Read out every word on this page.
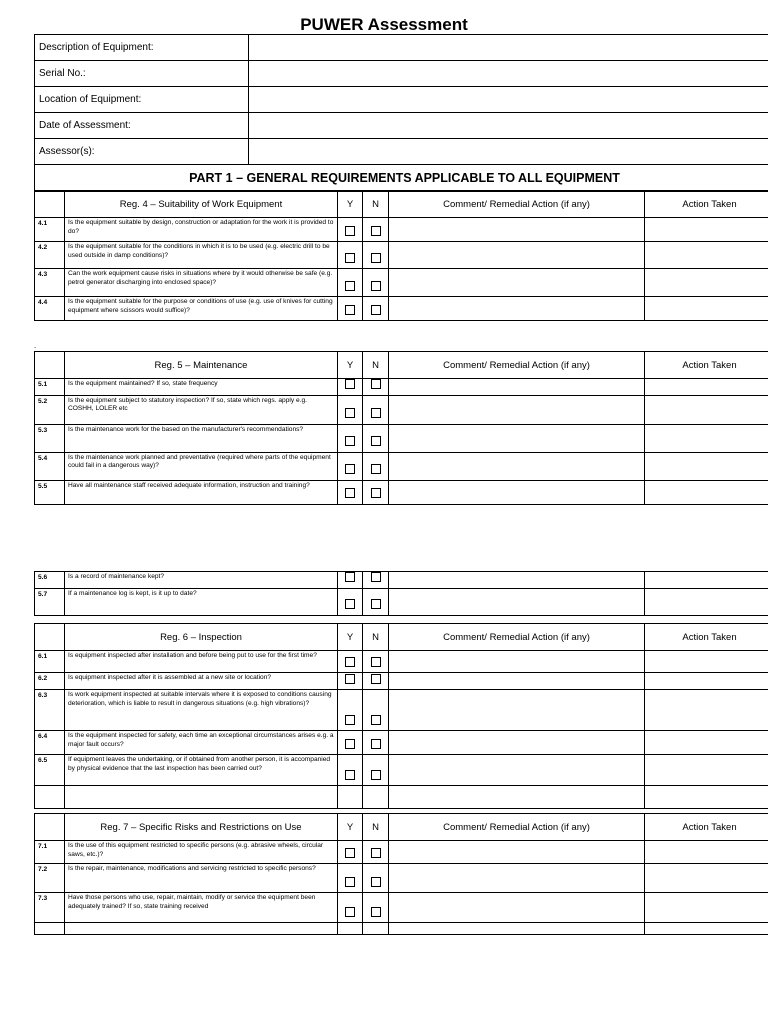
PUWER Assessment
Description of Equipment:	
Serial No.:	
Location of Equipment:	
Date of Assessment:	
Assessor(s):	
PART 1 – GENERAL REQUIREMENTS APPLICABLE TO ALL EQUIPMENT	
	Reg. 4 – Suitability of Work Equipment	Y	N	Comment/ Remedial Action (if any)	Action Taken
4.1	Is the equipment suitable by design, construction or adaptation for the work it is provided to do?				
4.2	Is the equipment suitable for the conditions in which it is to be used (e.g. electric drill to be used outside in damp conditions)?				
4.3	Can the work equipment cause risks in situations where by it would otherwise be safe (e.g. petrol generator discharging into enclosed space)?				
4.4	Is the equipment suitable for the purpose or conditions of use (e.g. use of knives for cutting equipment where scissors would suffice)?				
.
	Reg. 5 – Maintenance	Y	N	Comment/ Remedial Action (if any)	Action Taken
5.1	Is the equipment maintained? If so, state frequency				
5.2	Is the equipment subject to statutory inspection? If so, state which regs. apply e.g. COSHH, LOLER etc				
5.3	Is the maintenance work for the based on the manufacturer's recommendations?				
5.4	Is the maintenance work planned and preventative (required where parts of the equipment could fail in a dangerous way)?				
5.5	Have all maintenance staff received adequate information, instruction and training?				
5.6	Is a record of maintenance kept?				
5.7	If a maintenance log is kept, is it up to date?				
	Reg. 6 – Inspection	Y	N	Comment/ Remedial Action (if any)	Action Taken
6.1	Is equipment inspected after installation and before being put to use for the first time?				
6.2	Is equipment inspected after it is assembled at a new site or location?				
6.3	Is work equipment inspected at suitable intervals where it is exposed to conditions causing deterioration, which is liable to result in dangerous situations (e.g. high vibrations)?				
6.4	Is the equipment inspected for safety, each time an exceptional circumstances arises e.g. a major fault occurs?				
6.5	If equipment leaves the undertaking, or if obtained from another person, it is accompanied by physical evidence that the last inspection has been carried out?				

	Reg. 7 – Specific Risks and Restrictions on Use	Y	N	Comment/ Remedial Action (if any)	Action Taken
7.1	Is the use of this equipment restricted to specific persons (e.g. abrasive wheels, circular saws, etc.)?				
7.2	Is the repair, maintenance, modifications and servicing restricted to specific persons?				
7.3	Have those persons who use, repair, maintain, modify or service the equipment been adequately trained? If so, state training received				
